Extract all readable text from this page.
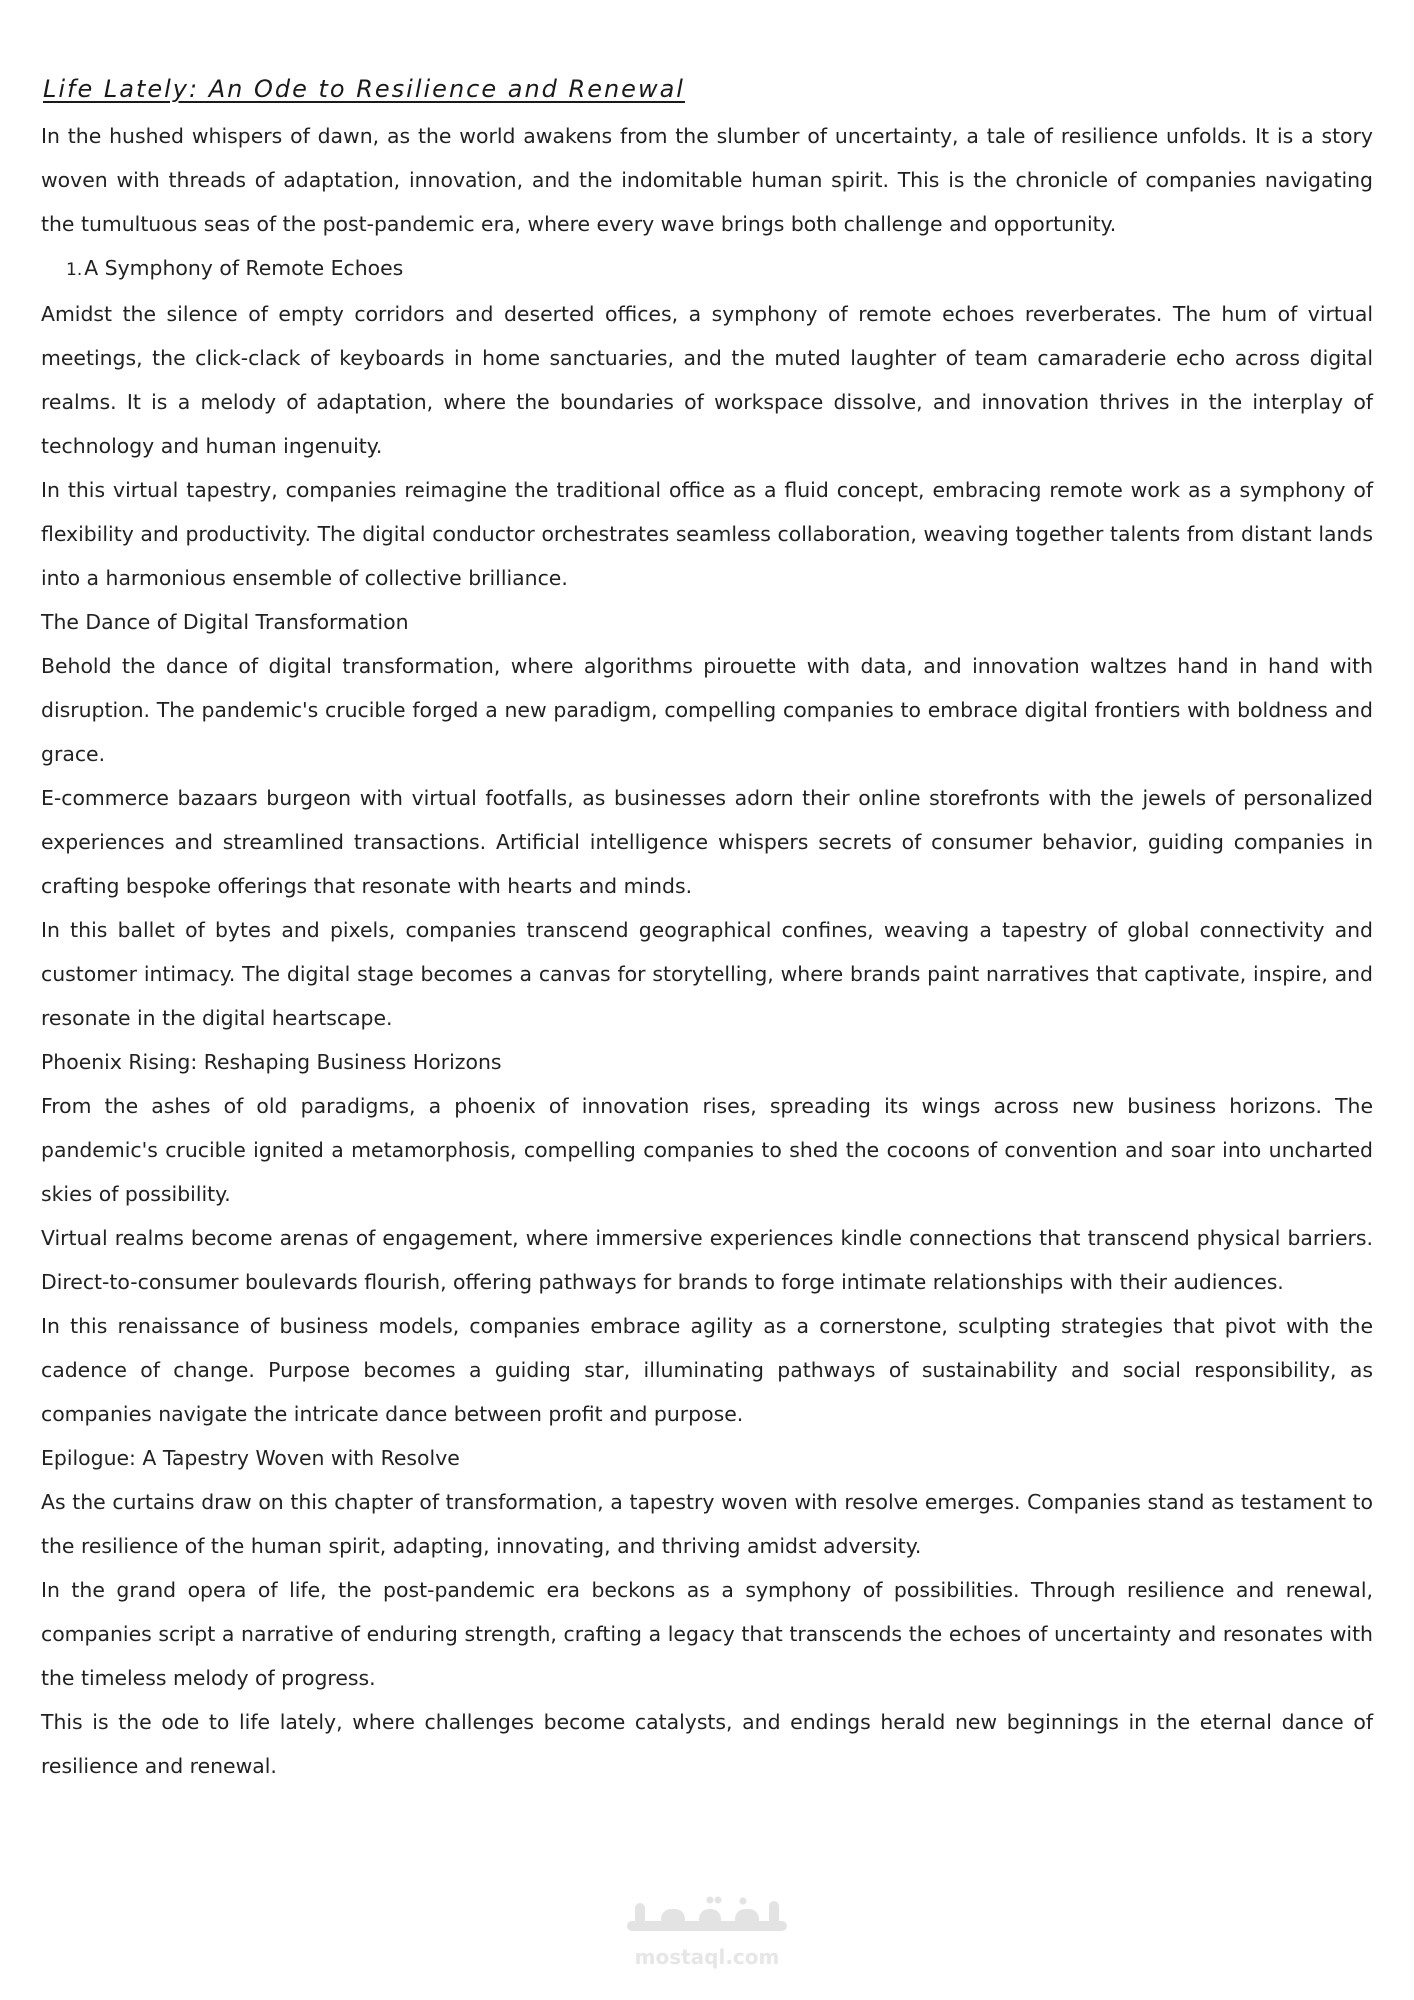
Life Lately: An Ode to Resilience and Renewal

In the hushed whispers of dawn, as the world awakens from the slumber of uncertainty, a tale of resilience unfolds. It is a story woven with threads of adaptation, innovation, and the indomitable human spirit. This is the chronicle of companies navigating the tumultuous seas of the post-pandemic era, where every wave brings both challenge and opportunity.

1.A Symphony of Remote Echoes

Amidst the silence of empty corridors and deserted offices, a symphony of remote echoes reverberates. The hum of virtual meetings, the click-clack of keyboards in home sanctuaries, and the muted laughter of team camaraderie echo across digital realms. It is a melody of adaptation, where the boundaries of workspace dissolve, and innovation thrives in the interplay of technology and human ingenuity.

In this virtual tapestry, companies reimagine the traditional office as a fluid concept, embracing remote work as a symphony of flexibility and productivity. The digital conductor orchestrates seamless collaboration, weaving together talents from distant lands into a harmonious ensemble of collective brilliance.

The Dance of Digital Transformation

Behold the dance of digital transformation, where algorithms pirouette with data, and innovation waltzes hand in hand with disruption. The pandemic's crucible forged a new paradigm, compelling companies to embrace digital frontiers with boldness and grace.

E-commerce bazaars burgeon with virtual footfalls, as businesses adorn their online storefronts with the jewels of personalized experiences and streamlined transactions. Artificial intelligence whispers secrets of consumer behavior, guiding companies in crafting bespoke offerings that resonate with hearts and minds.

In this ballet of bytes and pixels, companies transcend geographical confines, weaving a tapestry of global connectivity and customer intimacy. The digital stage becomes a canvas for storytelling, where brands paint narratives that captivate, inspire, and resonate in the digital heartscape.

Phoenix Rising: Reshaping Business Horizons

From the ashes of old paradigms, a phoenix of innovation rises, spreading its wings across new business horizons. The pandemic's crucible ignited a metamorphosis, compelling companies to shed the cocoons of convention and soar into uncharted skies of possibility.

Virtual realms become arenas of engagement, where immersive experiences kindle connections that transcend physical barriers. Direct-to-consumer boulevards flourish, offering pathways for brands to forge intimate relationships with their audiences.

In this renaissance of business models, companies embrace agility as a cornerstone, sculpting strategies that pivot with the cadence of change. Purpose becomes a guiding star, illuminating pathways of sustainability and social responsibility, as companies navigate the intricate dance between profit and purpose.

Epilogue: A Tapestry Woven with Resolve

As the curtains draw on this chapter of transformation, a tapestry woven with resolve emerges. Companies stand as testament to the resilience of the human spirit, adapting, innovating, and thriving amidst adversity.

In the grand opera of life, the post-pandemic era beckons as a symphony of possibilities. Through resilience and renewal, companies script a narrative of enduring strength, crafting a legacy that transcends the echoes of uncertainty and resonates with the timeless melody of progress.

This is the ode to life lately, where challenges become catalysts, and endings herald new beginnings in the eternal dance of resilience and renewal.

mostaql.com
